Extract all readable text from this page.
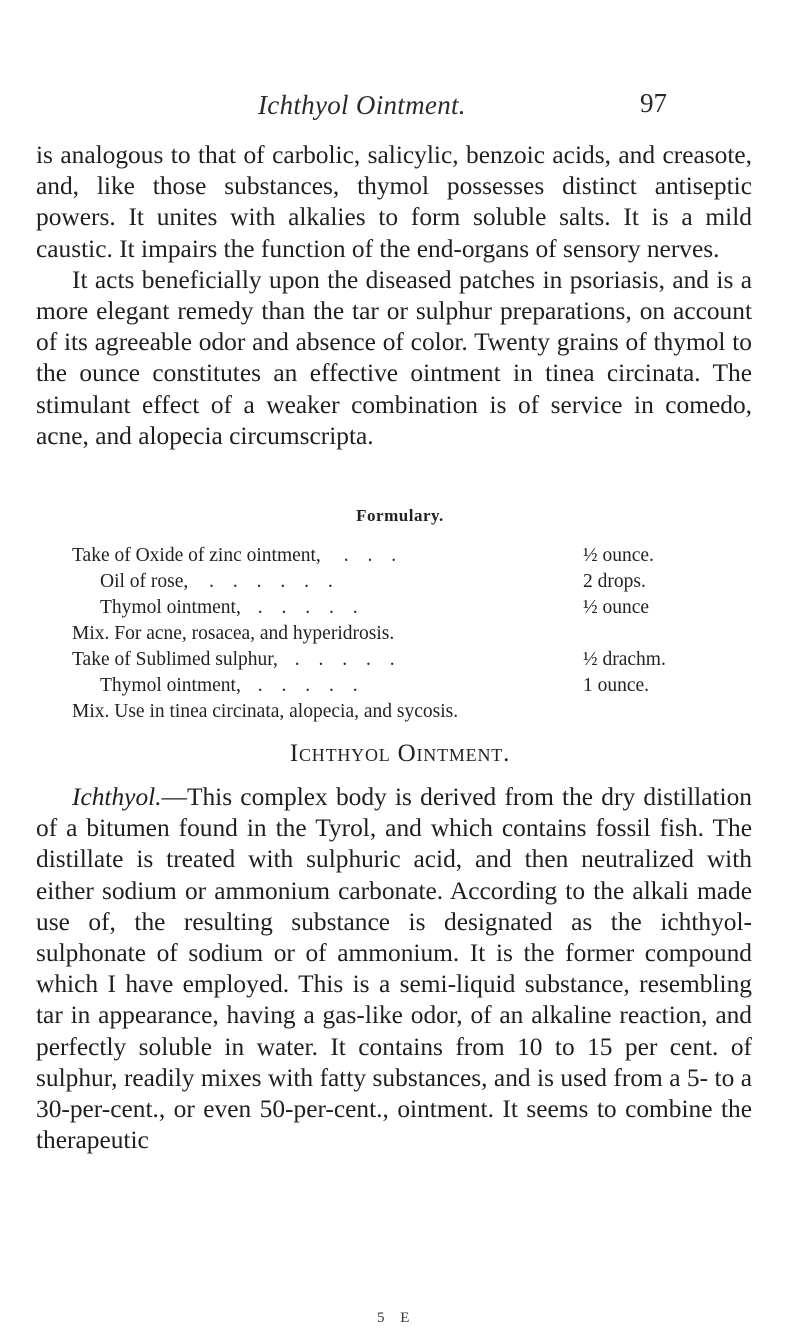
Ichthyol Ointment.	97

is analogous to that of carbolic, salicylic, benzoic acids, and creasote, and, like those substances, thymol possesses distinct antiseptic powers. It unites with alkalies to form soluble salts. It is a mild caustic. It impairs the function of the end-organs of sensory nerves.

It acts beneficially upon the diseased patches in psoriasis, and is a more elegant remedy than the tar or sulphur preparations, on account of its agreeable odor and absence of color. Twenty grains of thymol to the ounce constitutes an effective ointment in tinea circinata. The stimulant effect of a weaker combination is of service in comedo, acne, and alopecia circumscripta.

Formulary.
Take of Oxide of zinc ointment, . . .	½ ounce.
Oil of rose, . . . . . .	2 drops.
Thymol ointment, . . . . .	½ ounce
Mix. For acne, rosacea, and hyperidrosis.
Take of Sublimed sulphur, . . . . .	½ drachm.
Thymol ointment, . . . . .	1 ounce.
Mix. Use in tinea circinata, alopecia, and sycosis.
Ichthyol Ointment.

Ichthyol.—This complex body is derived from the dry distillation of a bitumen found in the Tyrol, and which contains fossil fish. The distillate is treated with sulphuric acid, and then neutralized with either sodium or ammonium carbonate. According to the alkali made use of, the resulting substance is designated as the ichthyol-sulphonate of sodium or of ammonium. It is the former compound which I have employed. This is a semi-liquid substance, resembling tar in appearance, having a gas-like odor, of an alkaline reaction, and perfectly soluble in water. It contains from 10 to 15 per cent. of sulphur, readily mixes with fatty substances, and is used from a 5- to a 30-per-cent., or even 50-per-cent., ointment. It seems to combine the therapeutic

5 E
